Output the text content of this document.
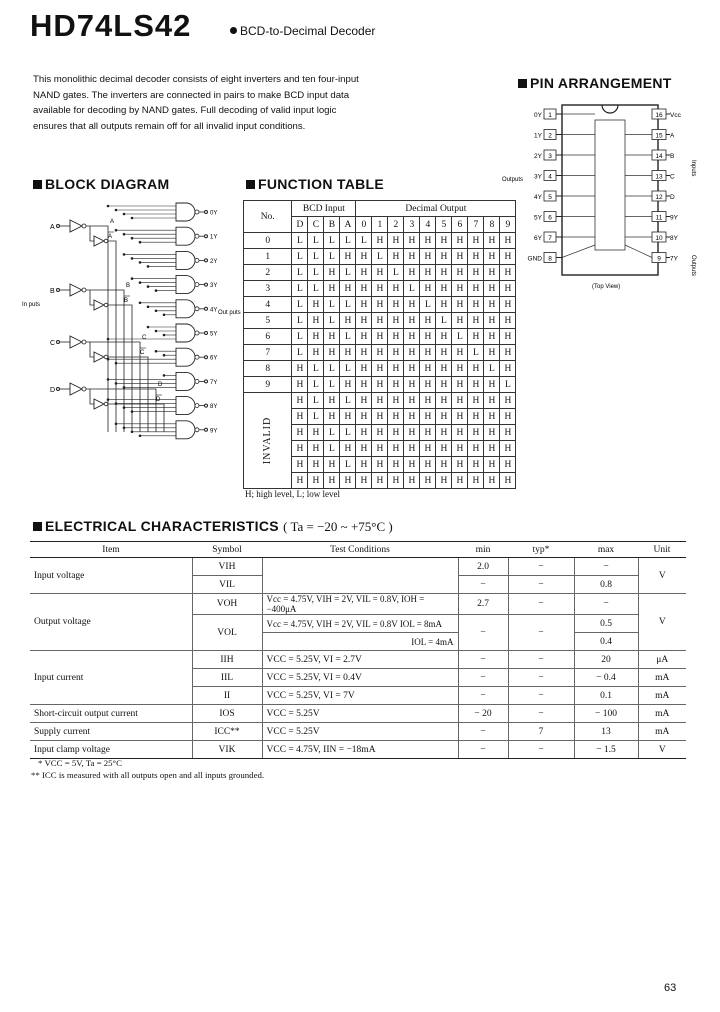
HD74LS42	BCD-to-Decimal Decoder
This monolithic decimal decoder consists of eight inverters and ten four-input NAND gates. The inverters are connected in pairs to make BCD input data available for decoding by NAND gates. Full decoding of valid input logic ensures that all outputs remain off for all invalid input conditions.
PIN ARRANGEMENT
BLOCK DIAGRAM	FUNCTION TABLE
1
0Y
2
1Y
3
2Y
4
3Y
5
4Y
6
5Y
7
6Y
8
GND
16 Vcc
15 A
14 B
13 C
12 D
11 9Y
10 8Y
9 7Y
Outputs
Outputs
Inputs
(Top View)
A
A
A
B
B
B
C
C
C
D
D
D
0Y
1Y
2Y
3Y
4Y
5Y
6Y
7Y
8Y
9Y
In puts
Out puts
No.	BCD Input				Decimal Output									
	D	C	B	A	0	1	2	3	4	5	6	7	8	9
0	L	L	L	L	L	H	H	H	H	H	H	H	H	H
1	L	L	L	H	H	L	H	H	H	H	H	H	H	H
2	L	L	H	L	H	H	L	H	H	H	H	H	H	H
3	L	L	H	H	H	H	H	L	H	H	H	H	H	H
4	L	H	L	L	H	H	H	H	L	H	H	H	H	H
5	L	H	L	H	H	H	H	H	H	L	H	H	H	H
6	L	H	H	L	H	H	H	H	H	H	L	H	H	H
7	L	H	H	H	H	H	H	H	H	H	H	L	H	H
8	H	L	L	L	H	H	H	H	H	H	H	H	L	H
9	H	L	L	H	H	H	H	H	H	H	H	H	H	L
INVALID	H	L	H	L	H	H	H	H	H	H	H	H	H	H
	H	L	H	H	H	H	H	H	H	H	H	H	H	H
	H	H	L	L	H	H	H	H	H	H	H	H	H	H
	H	H	L	H	H	H	H	H	H	H	H	H	H	H
	H	H	H	L	H	H	H	H	H	H	H	H	H	H
	H	H	H	H	H	H	H	H	H	H	H	H	H	H
H; high level, L; low level
ELECTRICAL CHARACTERISTICS ( Ta = −20 ~ +75°C )
Item	Symbol	Test Conditions	min	typ*	max	Unit
Input voltage	VIH		2.0	−	−	V
	VIL		−	−	0.8	
Output voltage	VOH	Vcc = 4.75V, VIH = 2V, VIL = 0.8V, IOH = −400μA	2.7	−	−	V
	VOL	Vcc = 4.75V, VIH = 2V, VIL = 0.8V IOL = 8mA	−	−	0.5	
		IOL = 4mA			0.4	
Input current	IIH	VCC = 5.25V, VI = 2.7V	−	−	20	μA
	IIL	VCC = 5.25V, VI = 0.4V	−	−	− 0.4	mA
	II	VCC = 5.25V, VI = 7V	−	−	0.1	mA
Short-circuit output current	IOS	VCC = 5.25V	− 20	−	− 100	mA
Supply current	ICC**	VCC = 5.25V	−	7	13	mA
Input clamp voltage	VIK	VCC = 4.75V, IIN = −18mA	−	−	− 1.5	V
* VCC = 5V, Ta = 25°C
** ICC is measured with all outputs open and all inputs grounded.
63
